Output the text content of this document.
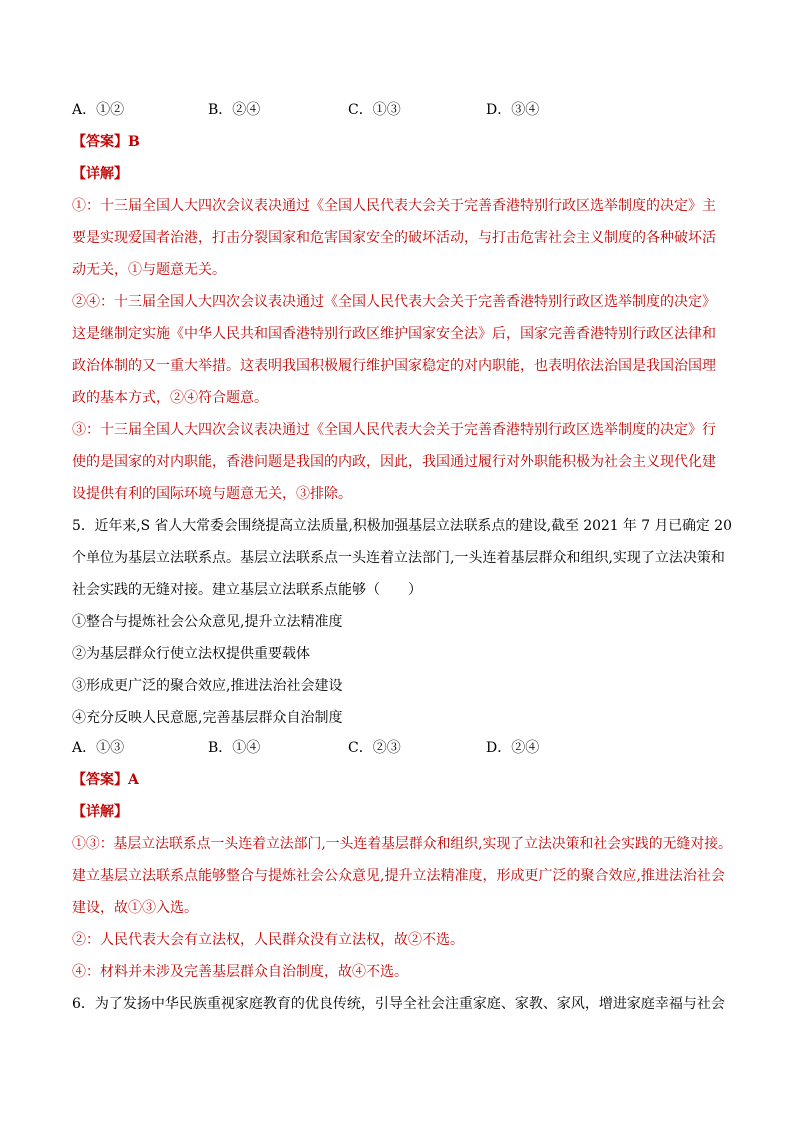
A．①②	B．②④	C．①③	D．③④
【答案】B
【详解】
①：十三届全国人大四次会议表决通过《全国人民代表大会关于完善香港特别行政区选举制度的决定》主
要是实现爱国者治港，打击分裂国家和危害国家安全的破坏活动，与打击危害社会主义制度的各种破坏活
动无关，①与题意无关。
②④：十三届全国人大四次会议表决通过《全国人民代表大会关于完善香港特别行政区选举制度的决定》
这是继制定实施《中华人民共和国香港特别行政区维护国家安全法》后，国家完善香港特别行政区法律和
政治体制的又一重大举措。这表明我国积极履行维护国家稳定的对内职能，也表明依法治国是我国治国理
政的基本方式，②④符合题意。
③：十三届全国人大四次会议表决通过《全国人民代表大会关于完善香港特别行政区选举制度的决定》行
使的是国家的对内职能，香港问题是我国的内政，因此，我国通过履行对外职能积极为社会主义现代化建
设提供有利的国际环境与题意无关，③排除。
5．近年来,S 省人大常委会围绕提高立法质量,积极加强基层立法联系点的建设,截至 2021 年 7 月已确定 20
个单位为基层立法联系点。基层立法联系点一头连着立法部门,一头连着基层群众和组织,实现了立法决策和
社会实践的无缝对接。建立基层立法联系点能够（　　）
①整合与提炼社会公众意见,提升立法精准度
②为基层群众行使立法权提供重要载体
③形成更广泛的聚合效应,推进法治社会建设
④充分反映人民意愿,完善基层群众自治制度
A．①③	B．①④	C．②③	D．②④
【答案】A
【详解】
①③：基层立法联系点一头连着立法部门,一头连着基层群众和组织,实现了立法决策和社会实践的无缝对接。
建立基层立法联系点能够整合与提炼社会公众意见,提升立法精准度，形成更广泛的聚合效应,推进法治社会
建设，故①③入选。
②：人民代表大会有立法权，人民群众没有立法权，故②不选。
④：材料并未涉及完善基层群众自治制度，故④不选。
6．为了发扬中华民族重视家庭教育的优良传统，引导全社会注重家庭、家教、家风，增进家庭幸福与社会
